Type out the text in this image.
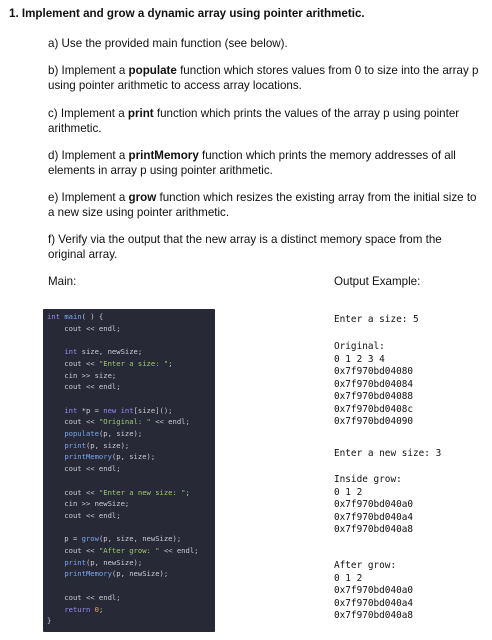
1. Implement and grow a dynamic array using pointer arithmetic.
a) Use the provided main function (see below).
b) Implement a populate function which stores values from 0 to size into the array p using pointer arithmetic to access array locations.
c) Implement a print function which prints the values of the array p using pointer arithmetic.
d) Implement a printMemory function which prints the memory addresses of all elements in array p using pointer arithmetic.
e) Implement a grow function which resizes the existing array from the initial size to a new size using pointer arithmetic.
f) Verify via the output that the new array is a distinct memory space from the original array.
Main:	Output Example:
int main( ) {
cout << endl;
int size, newSize;
cout << "Enter a size: ";
cin >> size;
cout << endl;
int *p = new int[size]();
cout << "Original: " << endl;
populate(p, size);
print(p, size);
printMemory(p, size);
cout << endl;
cout << "Enter a new size: ";
cin >> newSize;
cout << endl;
p = grow(p, size, newSize);
cout << "After grow: " << endl;
print(p, newSize);
printMemory(p, newSize);
cout << endl;
return 0;
}
Enter a size: 5
Original:
0 1 2 3 4
0x7f970bd04080
0x7f970bd04084
0x7f970bd04088
0x7f970bd0408c
0x7f970bd04090
Enter a new size: 3
Inside grow:
0 1 2
0x7f970bd040a0
0x7f970bd040a4
0x7f970bd040a8
After grow:
0 1 2
0x7f970bd040a0
0x7f970bd040a4
0x7f970bd040a8
